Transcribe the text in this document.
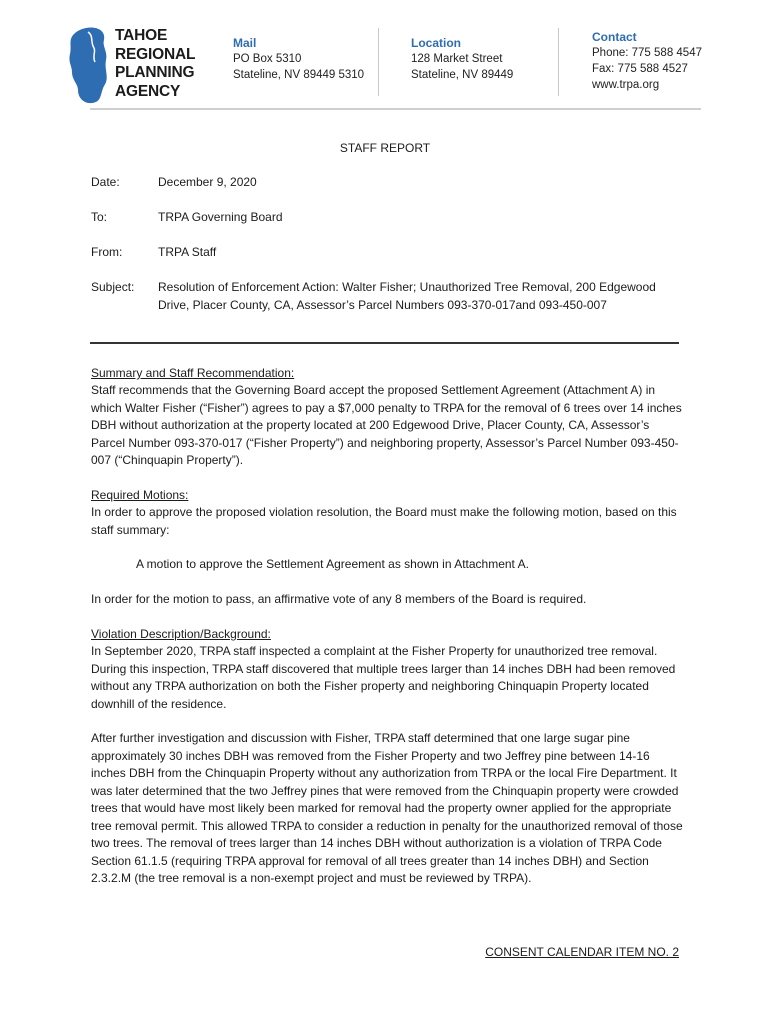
TAHOE
REGIONAL
PLANNING
AGENCY
Mail
PO Box 5310
Stateline, NV 89449 5310
Location
128 Market Street
Stateline, NV 89449
Contact
Phone: 775 588 4547
Fax: 775 588 4527
www.trpa.org
STAFF REPORT
Date:	December 9, 2020
To:	TRPA Governing Board
From:	TRPA Staff
Subject: Resolution of Enforcement Action: Walter Fisher; Unauthorized Tree Removal, 200 Edgewood Drive, Placer County, CA, Assessor’s Parcel Numbers 093-370-017and 093-450-007
Summary and Staff Recommendation:
Staff recommends that the Governing Board accept the proposed Settlement Agreement (Attachment A) in which Walter Fisher (“Fisher”) agrees to pay a $7,000 penalty to TRPA for the removal of 6 trees over 14 inches DBH without authorization at the property located at 200 Edgewood Drive, Placer County, CA, Assessor’s Parcel Number 093-370-017 (“Fisher Property”) and neighboring property, Assessor’s Parcel Number 093-450-007 (“Chinquapin Property”).
Required Motions:
In order to approve the proposed violation resolution, the Board must make the following motion, based on this staff summary:
A motion to approve the Settlement Agreement as shown in Attachment A.
In order for the motion to pass, an affirmative vote of any 8 members of the Board is required.
Violation Description/Background:
In September 2020, TRPA staff inspected a complaint at the Fisher Property for unauthorized tree removal. During this inspection, TRPA staff discovered that multiple trees larger than 14 inches DBH had been removed without any TRPA authorization on both the Fisher property and neighboring Chinquapin Property located downhill of the residence.
After further investigation and discussion with Fisher, TRPA staff determined that one large sugar pine approximately 30 inches DBH was removed from the Fisher Property and two Jeffrey pine between 14-16 inches DBH from the Chinquapin Property without any authorization from TRPA or the local Fire Department. It was later determined that the two Jeffrey pines that were removed from the Chinquapin property were crowded trees that would have most likely been marked for removal had the property owner applied for the appropriate tree removal permit. This allowed TRPA to consider a reduction in penalty for the unauthorized removal of those two trees. The removal of trees larger than 14 inches DBH without authorization is a violation of TRPA Code Section 61.1.5 (requiring TRPA approval for removal of all trees greater than 14 inches DBH) and Section 2.3.2.M (the tree removal is a non-exempt project and must be reviewed by TRPA).
CONSENT CALENDAR ITEM NO. 2
